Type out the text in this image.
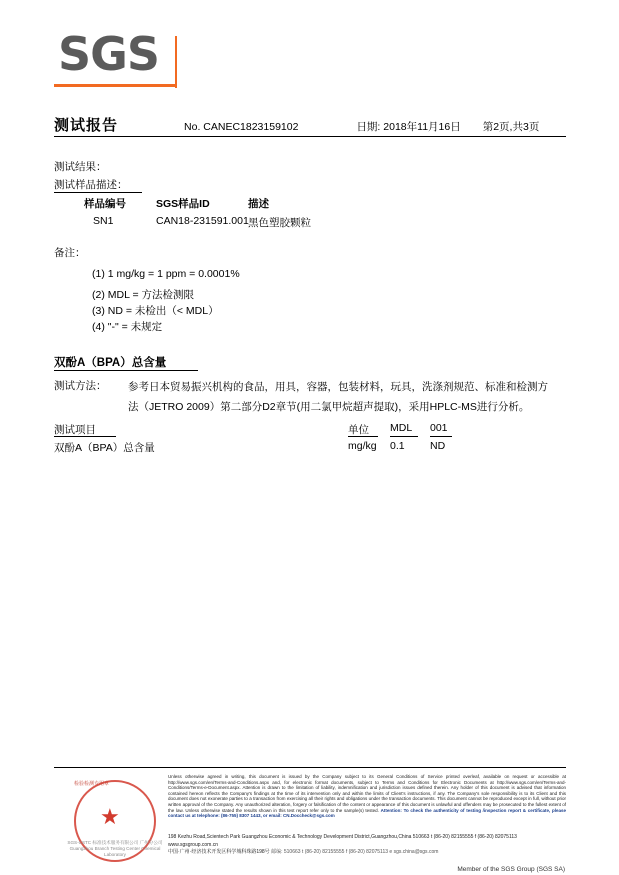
SGS
测试报告	No. CANEC1823159102	日期: 2018年11月16日 第2页,共3页
测试结果：
测试样品描述：
样品编号	SGS样品ID	描述
SN1	CAN18-231591.001 黑色塑胶颗粒
备注：
(1) 1 mg/kg = 1 ppm = 0.0001%
(2) MDL = 方法检测限
(3) ND = 未检出（< MDL）
(4) "-" = 未规定
双酚A（BPA）总含量
测试方法： 参考日本贸易振兴机构的食品，用具，容器，包装材料，玩具，洗涤剂规范、标准和检测方
法（JETRO 2009）第二部分D2章节(用二氯甲烷超声提取)，采用HPLC-MS进行分析。
测试项目	单位 MDL 001
双酚A（BPA）总含量	mg/kg 0.1 ND
★
检验检测专用章
SGS-CSTC 标准技术服务有限公司 广州分公司
Guangzhou Branch Testing Center Chemical Laboratory
Unless otherwise agreed in writing, this document is issued by the Company subject to its General Conditions of Service printed overleaf, available on request or accessible at http://www.sgs.com/en/Terms-and-Conditions.aspx and, for electronic format documents, subject to Terms and Conditions for Electronic Documents at http://www.sgs.com/en/Terms-and-Conditions/Terms-e-Document.aspx. Attention is drawn to the limitation of liability, indemnification and jurisdiction issues defined therein. Any holder of this document is advised that information contained hereon reflects the Company's findings at the time of its intervention only and within the limits of Client's instructions, if any. The Company's sole responsibility is to its Client and this document does not exonerate parties to a transaction from exercising all their rights and obligations under the transaction documents. This document cannot be reproduced except in full, without prior written approval of the Company. Any unauthorized alteration, forgery or falsification of the content or appearance of this document is unlawful and offenders may be prosecuted to the fullest extent of the law. Unless otherwise stated the results shown in this test report refer only to the sample(s) tested. Attention: To check the authenticity of testing /inspection report & certificate, please contact us at telephone: (86-755) 8307 1443, or email: CN.Doccheck@sgs.com
198 Kezhu Road,Scientech Park Guangzhou Economic & Technology Development District,Guangzhou,China 510663 t (86-20) 82155555 f (86-20) 82075113 www.sgsgroup.com.cn
中国·广州·经济技术开发区科学城科珠路198号 邮编: 510663 t (86-20) 82155555 f (86-20) 82075113 e sgs.china@sgs.com
Member of the SGS Group (SGS SA)
